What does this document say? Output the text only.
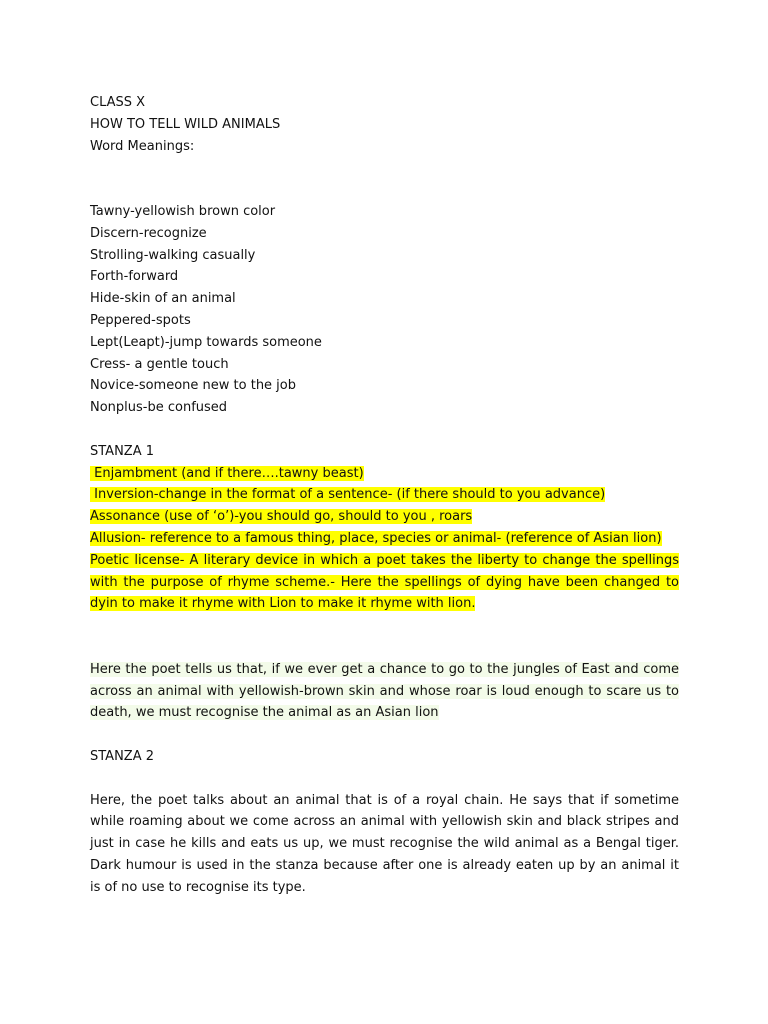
CLASS X
HOW TO TELL WILD ANIMALS
Word Meanings:
Tawny-yellowish brown color
Discern-recognize
Strolling-walking casually
Forth-forward
Hide-skin of an animal
Peppered-spots
Lept(Leapt)-jump towards someone
Cress- a gentle touch
Novice-someone new to the job
Nonplus-be confused
STANZA 1
Enjambment (and if there….tawny beast)
Inversion-change in the format of a sentence- (if there should to you advance)
Assonance (use of ‘o’)-you should go, should to you , roars
Allusion- reference to a famous thing, place, species or animal- (reference of Asian lion)

Poetic license- A literary device in which a poet takes the liberty to change the spellings with the purpose of rhyme scheme.- Here the spellings of dying have been changed to dyin to make it rhyme with Lion to make it rhyme with lion.

Here the poet tells us that, if we ever get a chance to go to the jungles of East and come across an animal with yellowish-brown skin and whose roar is loud enough to scare us to death, we must recognise the animal as an Asian lion

STANZA 2

Here, the poet talks about an animal that is of a royal chain. He says that if sometime while roaming about we come across an animal with yellowish skin and black stripes and just in case he kills and eats us up, we must recognise the wild animal as a Bengal tiger. Dark humour is used in the stanza because after one is already eaten up by an animal it is of no use to recognise its type.
